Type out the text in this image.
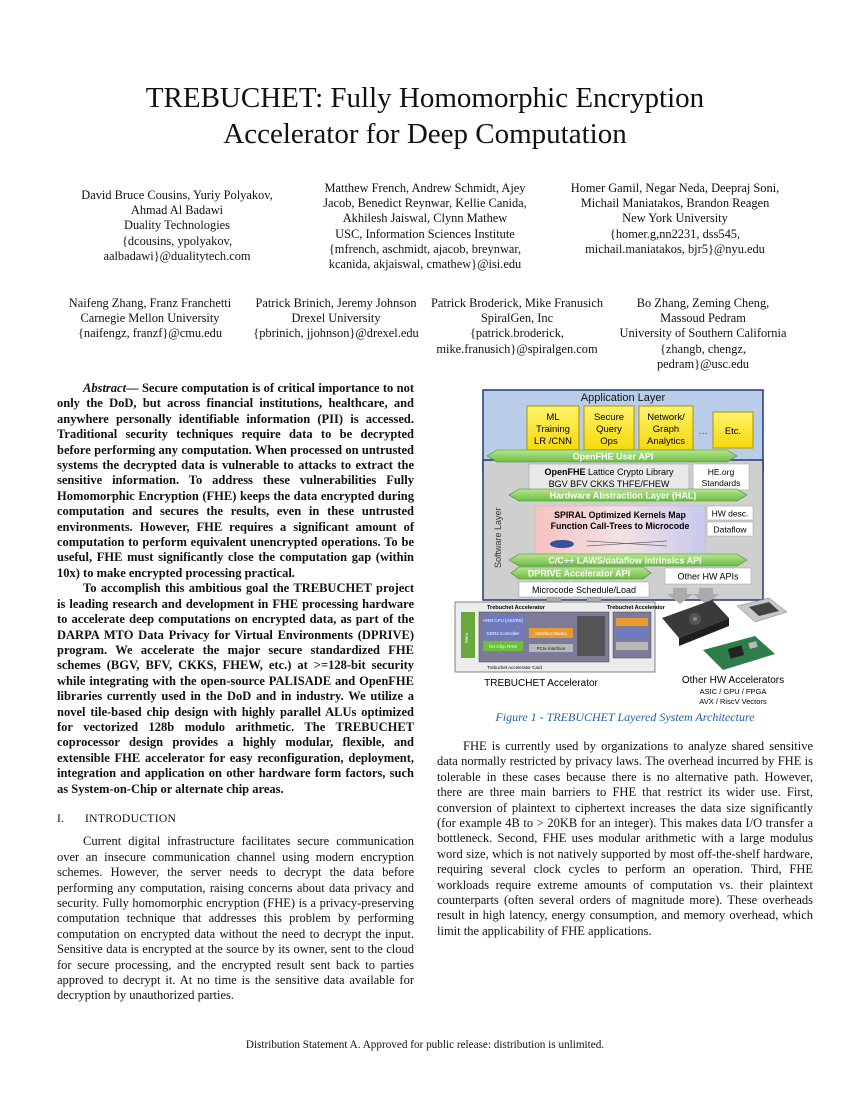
TREBUCHET: Fully Homomorphic Encryption
Accelerator for Deep Computation
David Bruce Cousins, Yuriy Polyakov,
Ahmad Al Badawi
Duality Technologies
{dcousins, ypolyakov,
aalbadawi}@dualitytech.com
Matthew French, Andrew Schmidt, Ajey
Jacob, Benedict Reynwar, Kellie Canida,
Akhilesh Jaiswal, Clynn Mathew
USC, Information Sciences Institute
{mfrench, aschmidt, ajacob, breynwar,
kcanida, akjaiswal, cmathew}@isi.edu
Homer Gamil, Negar Neda, Deepraj Soni,
Michail Maniatakos, Brandon Reagen
New York University
{homer.g,nn2231, dss545,
michail.maniatakos, bjr5}@nyu.edu
Naifeng Zhang, Franz Franchetti
Carnegie Mellon University
{naifengz, franzf}@cmu.edu
Patrick Brinich, Jeremy Johnson
Drexel University
{pbrinich, jjohnson}@drexel.edu
Patrick Broderick, Mike Franusich
SpiralGen, Inc
{patrick.broderick,
mike.franusich}@spiralgen.com
Bo Zhang, Zeming Cheng,
Massoud Pedram
University of Southern California
{zhangb, chengz,
pedram}@usc.edu

Abstract— Secure computation is of critical importance to not only the DoD, but across financial institutions, healthcare, and anywhere personally identifiable information (PII) is accessed. Traditional security techniques require data to be decrypted before performing any computation. When processed on untrusted systems the decrypted data is vulnerable to attacks to extract the sensitive information. To address these vulnerabilities Fully Homomorphic Encryption (FHE) keeps the data encrypted during computation and secures the results, even in these untrusted environments. However, FHE requires a significant amount of computation to perform equivalent unencrypted operations. To be useful, FHE must significantly close the computation gap (within 10x) to make encrypted processing practical.

To accomplish this ambitious goal the TREBUCHET project is leading research and development in FHE processing hardware to accelerate deep computations on encrypted data, as part of the DARPA MTO Data Privacy for Virtual Environments (DPRIVE) program. We accelerate the major secure standardized FHE schemes (BGV, BFV, CKKS, FHEW, etc.) at >=128-bit security while integrating with the open-source PALISADE and OpenFHE libraries currently used in the DoD and in industry. We utilize a novel tile-based chip design with highly parallel ALUs optimized for vectorized 128b modulo arithmetic. The TREBUCHET coprocessor design provides a highly modular, flexible, and extensible FHE accelerator for easy reconfiguration, deployment, integration and application on other hardware form factors, such as System-on-Chip or alternate chip areas.

I. INTRODUCTION

Current digital infrastructure facilitates secure communication over an insecure communication channel using modern encryption schemes. However, the server needs to decrypt the data before performing any computation, raising concerns about data privacy and security. Fully homomorphic encryption (FHE) is a privacy-preserving computation technique that addresses this problem by performing computation on encrypted data without the need to decrypt the input. Sensitive data is encrypted at the source by its owner, sent to the cloud for secure processing, and the encrypted result sent back to parties approved to decrypt it. At no time is the sensitive data available for decryption by unauthorized parties.

Application Layer
Software Layer
ML
Training
LR /CNN
Secure
Query
Ops
Network/
Graph
Analytics
... Etc.
OpenFHE User API
OpenFHE Lattice Crypto Library
BGV BFV CKKS THFE/FHEW
HE.org
Standards
Hardware Abstraction Layer (HAL)
SPIRAL Optimized Kernels Map
Function Call-Trees to Microcode
HW desc.
Dataflow
C/C++ LAWS/dataflow intrinsics API
DPRIVE Accelerator API	Other HW APIs
Microcode Schedule/Load
Trebuchet Accelerator	Trebuchet Accelerator
Mem
ARM CPU (A53/R5)
DDR4 Controller
On-Chip RAM
Interface Banks
PCIe Interface
Trebuchet Accelerator Card
TREBUCHET Accelerator	Other HW Accelerators
ASIC / GPU / FPGA
AVX / RiscV Vectors
Figure 1 - TREBUCHET Layered System Architecture

FHE is currently used by organizations to analyze shared sensitive data normally restricted by privacy laws. The overhead incurred by FHE is tolerable in these cases because there is no alternative path. However, there are three main barriers to FHE that restrict its wider use. First, conversion of plaintext to ciphertext increases the data size significantly (for example 4B to > 20KB for an integer). This makes data I/O transfer a bottleneck. Second, FHE uses modular arithmetic with a large modulus word size, which is not natively supported by most off-the-shelf hardware, requiring several clock cycles to perform an operation. Third, FHE workloads require extreme amounts of computation vs. their plaintext counterparts (often several orders of magnitude more). These overheads result in high latency, energy consumption, and memory overhead, which limit the applicability of FHE applications.

Distribution Statement A. Approved for public release: distribution is unlimited.
